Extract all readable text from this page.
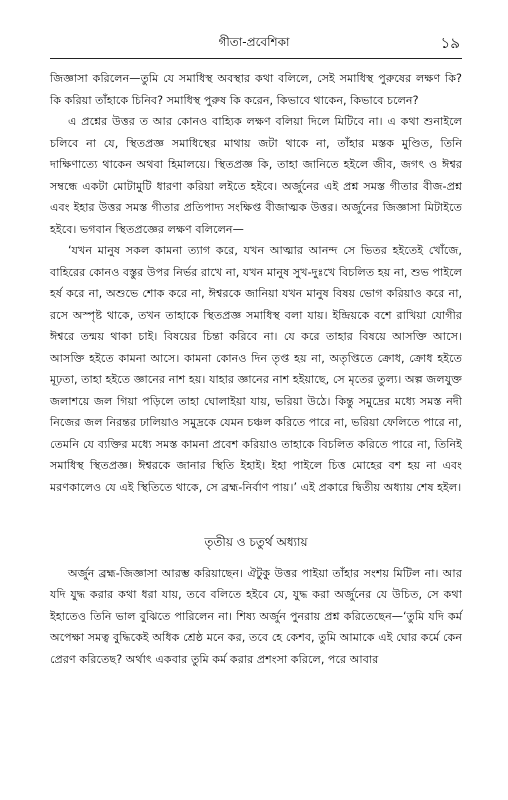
গীতা-প্রবেশিকা	১৯

জিজ্ঞাসা করিলেন—তুমি যে সমাধিস্থ অবস্থার কথা বলিলে, সেই সমাধিস্থ পুরুষের লক্ষণ কি? কি করিয়া তাঁহাকে চিনিব? সমাধিস্থ পুরুষ কি করেন, কিভাবে থাকেন, কিভাবে চলেন?

এ প্রশ্নের উত্তর ত আর কোনও বাহ্যিক লক্ষণ বলিয়া দিলে মিটিবে না। এ কথা শুনাইলে চলিবে না যে, স্থিতপ্রজ্ঞ সমাধিস্থের মাথায় জটা থাকে না, তাঁহার মস্তক মুণ্ডিত, তিনি দাক্ষিণাত্যে থাকেন অথবা হিমালয়ে। স্থিতপ্রজ্ঞ কি, তাহা জানিতে হইলে জীব, জগৎ ও ঈশ্বর সম্বন্ধে একটা মোটামুটি ধারণা করিয়া লইতে হইবে। অর্জুনের এই প্রশ্ন সমস্ত গীতার বীজ-প্রশ্ন এবং ইহার উত্তর সমস্ত গীতার প্রতিপাদ্য সংক্ষিপ্ত বীজাত্মক উত্তর। অর্জুনের জিজ্ঞাসা মিটাইতে হইবে। ভগবান স্থিতপ্রজ্ঞের লক্ষণ বলিলেন—

‘যখন মানুষ সকল কামনা ত্যাগ করে, যখন আত্মার আনন্দ সে ভিতর হইতেই খোঁজে, বাহিরের কোনও বস্তুর উপর নির্ভর রাখে না, যখন মানুষ সুখ-দুঃখে বিচলিত হয় না, শুভ পাইলে হর্ষ করে না, অশুভে শোক করে না, ঈশ্বরকে জানিয়া যখন মানুষ বিষয় ভোগ করিয়াও করে না, রসে অস্পৃষ্ট থাকে, তখন তাহাকে স্থিতপ্রজ্ঞ সমাধিস্থ বলা যায়। ইন্দ্রিয়কে বশে রাখিয়া যোগীর ঈশ্বরে তন্ময় থাকা চাই। বিষয়ের চিন্তা করিবে না। যে করে তাহার বিষয়ে আসক্তি আসে। আসক্তি হইতে কামনা আসে। কামনা কোনও দিন তৃপ্ত হয় না, অতৃপ্তিতে ক্রোধ, ক্রোধ হইতে মূঢ়তা, তাহা হইতে জ্ঞানের নাশ হয়। যাহার জ্ঞানের নাশ হইয়াছে, সে মৃতের তুল্য। অল্প জলযুক্ত জলাশয়ে জল গিয়া পড়িলে তাহা ঘোলাইয়া যায়, ভরিয়া উঠে। কিন্তু সমুদ্রের মধ্যে সমস্ত নদী নিজের জল নিরন্তর ঢালিয়াও সমুদ্রকে যেমন চঞ্চল করিতে পারে না, ভরিয়া ফেলিতে পারে না, তেমনি যে ব্যক্তির মধ্যে সমস্ত কামনা প্রবেশ করিয়াও তাহাকে বিচলিত করিতে পারে না, তিনিই সমাধিস্থ স্থিতপ্রজ্ঞ। ঈশ্বরকে জানার স্থিতি ইহাই। ইহা পাইলে চিত্ত মোহের বশ হয় না এবং মরণকালেও যে এই স্থিতিতে থাকে, সে ব্রহ্ম-নির্বাণ পায়।’ এই প্রকারে দ্বিতীয় অধ্যায় শেষ হইল।

তৃতীয় ও চতুর্থ অধ্যায়

অর্জুন ব্রহ্ম-জিজ্ঞাসা আরম্ভ করিয়াছেন। ঐটুকু উত্তর পাইয়া তাঁহার সংশয় মিটিল না। আর যদি যুদ্ধ করার কথা ধরা যায়, তবে বলিতে হইবে যে, যুদ্ধ করা অর্জুনের যে উচিত, সে কথা ইহাতেও তিনি ভাল বুঝিতে পারিলেন না। শিষ্য অর্জুন পুনরায় প্রশ্ন করিতেছেন—‘তুমি যদি কর্ম অপেক্ষা সমত্ব বুদ্ধিকেই অধিক শ্রেষ্ঠ মনে কর, তবে হে কেশব, তুমি আমাকে এই ঘোর কর্মে কেন প্রেরণ করিতেছ? অর্থাৎ একবার তুমি কর্ম করার প্রশংসা করিলে, পরে আবার
